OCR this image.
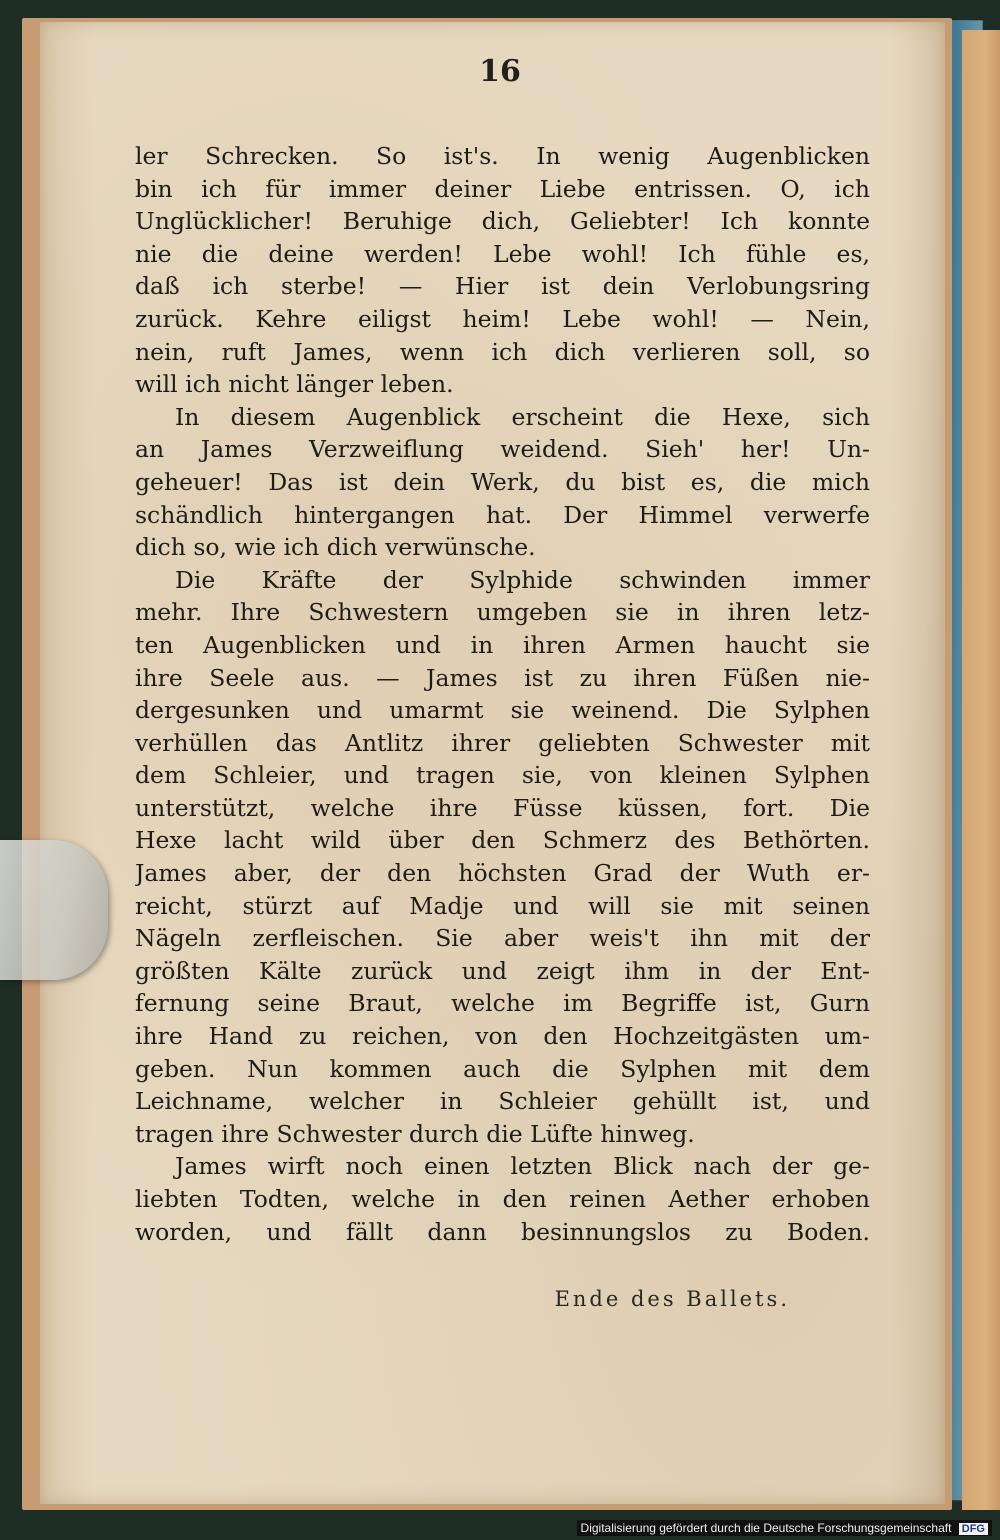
16
ler Schrecken. So ist's. In wenig Augenblicken
bin ich für immer deiner Liebe entrissen. O, ich
Unglücklicher! Beruhige dich, Geliebter! Ich konnte
nie die deine werden! Lebe wohl! Ich fühle es,
daß ich sterbe! — Hier ist dein Verlobungsring
zurück. Kehre eiligst heim! Lebe wohl! — Nein,
nein, ruft James, wenn ich dich verlieren soll, so
will ich nicht länger leben.
In diesem Augenblick erscheint die Hexe, sich
an James Verzweiflung weidend. Sieh' her! Un-
geheuer! Das ist dein Werk, du bist es, die mich
schändlich hintergangen hat. Der Himmel verwerfe
dich so, wie ich dich verwünsche.
Die Kräfte der Sylphide schwinden immer
mehr. Ihre Schwestern umgeben sie in ihren letz-
ten Augenblicken und in ihren Armen haucht sie
ihre Seele aus. — James ist zu ihren Füßen nie-
dergesunken und umarmt sie weinend. Die Sylphen
verhüllen das Antlitz ihrer geliebten Schwester mit
dem Schleier, und tragen sie, von kleinen Sylphen
unterstützt, welche ihre Füsse küssen, fort. Die
Hexe lacht wild über den Schmerz des Bethörten.
James aber, der den höchsten Grad der Wuth er-
reicht, stürzt auf Madje und will sie mit seinen
Nägeln zerfleischen. Sie aber weis't ihn mit der
größten Kälte zurück und zeigt ihm in der Ent-
fernung seine Braut, welche im Begriffe ist, Gurn
ihre Hand zu reichen, von den Hochzeitgästen um-
geben. Nun kommen auch die Sylphen mit dem
Leichname, welcher in Schleier gehüllt ist, und
tragen ihre Schwester durch die Lüfte hinweg.
James wirft noch einen letzten Blick nach der ge-
liebten Todten, welche in den reinen Aether erhoben
worden, und fällt dann besinnungslos zu Boden.
Ende des Ballets.
Digitalisierung gefördert durch die Deutsche Forschungsgemeinschaft DFG
